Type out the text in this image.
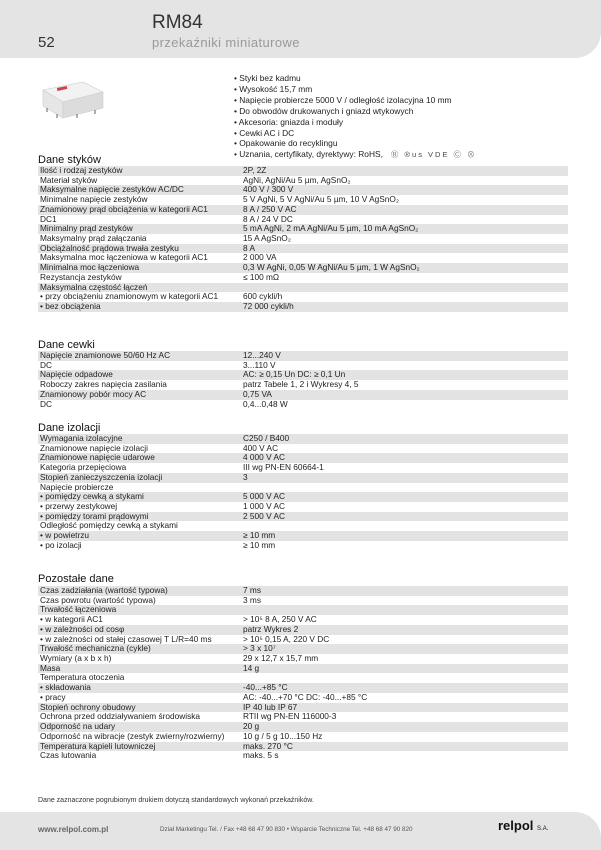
52
RM84
przekaźniki miniaturowe
• Styki bez kadmu
• Wysokość 15,7 mm
• Napięcie probiercze 5000 V / odległość izolacyjna 10 mm
• Do obwodów drukowanych i gniazd wtykowych
• Akcesoria: gniazda i moduły
• Cewki AC i DC
• Opakowanie do recyklingu
• Uznania, certyfikaty, dyrektywy: RoHS, Ⓡ ®us VDE Ⓒ ⊗
Dane styków
Ilość i rodzaj zestyków	2P, 2Z
Materiał styków	AgNi, AgNi/Au 5 µm, AgSnO₂
Maksymalne napięcie zestyków AC/DC	400 V / 300 V
Minimalne napięcie zestyków	5 V AgNi, 5 V AgNi/Au 5 µm, 10 V AgSnO₂
Znamionowy prąd obciążenia w kategorii AC1	8 A / 250 V AC
DC1	8 A / 24 V DC
Minimalny prąd zestyków	5 mA AgNi, 2 mA AgNi/Au 5 µm, 10 mA AgSnO₂
Maksymalny prąd załączania	15 A AgSnO₂
Obciążalność prądowa trwała zestyku	8 A
Maksymalna moc łączeniowa w kategorii AC1	2 000 VA
Minimalna moc łączeniowa	0,3 W AgNi, 0,05 W AgNi/Au 5 µm, 1 W AgSnO₂
Rezystancja zestyków	≤ 100 mΩ
Maksymalna częstość łączeń
• przy obciążeniu znamionowym w kategorii AC1	600 cykli/h
• bez obciążenia	72 000 cykli/h
Dane cewki
Napięcie znamionowe 50/60 Hz AC	12...240 V
DC	3...110 V
Napięcie odpadowe	AC: ≥ 0,15 Un DC: ≥ 0,1 Un
Roboczy zakres napięcia zasilania	patrz Tabele 1, 2 i Wykresy 4, 5
Znamionowy pobór mocy AC	0,75 VA
DC	0,4...0,48 W
Dane izolacji
Wymagania izolacyjne	C250 / B400
Znamionowe napięcie izolacji	400 V AC
Znamionowe napięcie udarowe	4 000 V AC
Kategoria przepięciowa	III wg PN-EN 60664-1
Stopień zanieczyszczenia izolacji	3
Napięcie probiercze
• pomiędzy cewką a stykami	5 000 V AC
• przerwy zestykowej	1 000 V AC
• pomiędzy torami prądowymi	2 500 V AC
Odległość pomiędzy cewką a stykami
• w powietrzu	≥ 10 mm
• po izolacji	≥ 10 mm
Pozostałe dane
Czas zadziałania (wartość typowa)	7 ms
Czas powrotu (wartość typowa)	3 ms
Trwałość łączeniowa
• w kategorii AC1	> 10⁵ 8 A, 250 V AC
• w zależności od cosφ	patrz Wykres 2
• w zależności od stałej czasowej T L/R=40 ms	> 10⁵ 0,15 A, 220 V DC
Trwałość mechaniczna (cykle)	> 3 x 10⁷
Wymiary (a x b x h)	29 x 12,7 x 15,7 mm
Masa	14 g
Temperatura otoczenia
• składowania	-40...+85 °C
• pracy	AC: -40...+70 °C DC: -40...+85 °C
Stopień ochrony obudowy	IP 40 lub IP 67
Ochrona przed oddziaływaniem środowiska	RTII wg PN-EN 116000-3
Odporność na udary	20 g
Odporność na wibracje (zestyk zwierny/rozwierny)	10 g / 5 g 10...150 Hz
Temperatura kąpieli lutowniczej	maks. 270 °C
Czas lutowania	maks. 5 s
Dane zaznaczone pogrubionym drukiem dotyczą standardowych wykonań przekaźników.
www.relpol.com.pl	Dział Marketingu Tel. / Fax +48 68 47 90 830 • Wsparcie Techniczne Tel. +48 68 47 90 820	relpol S.A.
